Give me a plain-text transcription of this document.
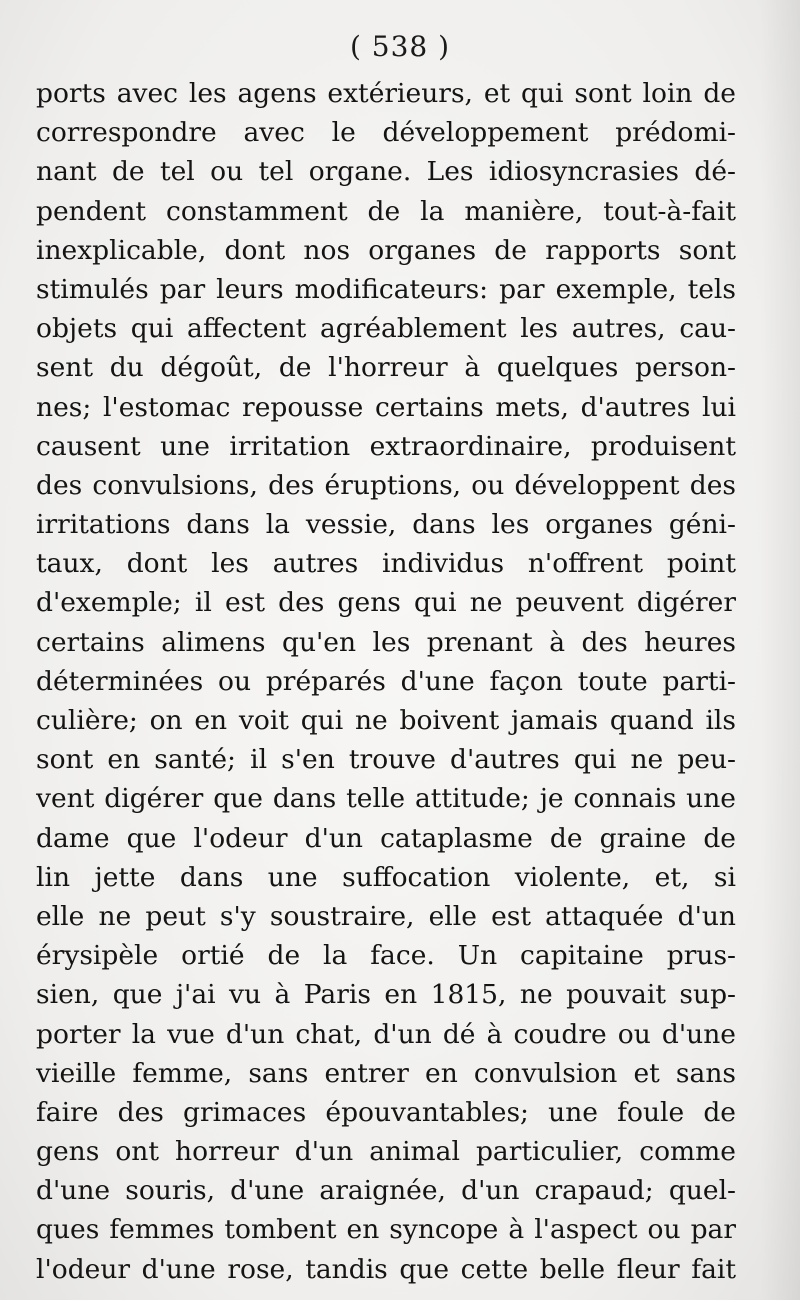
( 538 )
ports avec les agens extérieurs, et qui sont loin de
correspondre avec le développement prédomi-
nant de tel ou tel organe. Les idiosyncrasies dé-
pendent constamment de la manière, tout-à-fait
inexplicable, dont nos organes de rapports sont
stimulés par leurs modificateurs: par exemple, tels
objets qui affectent agréablement les autres, cau-
sent du dégoût, de l'horreur à quelques person-
nes; l'estomac repousse certains mets, d'autres lui
causent une irritation extraordinaire, produisent
des convulsions, des éruptions, ou développent des
irritations dans la vessie, dans les organes géni-
taux, dont les autres individus n'offrent point
d'exemple; il est des gens qui ne peuvent digérer
certains alimens qu'en les prenant à des heures
déterminées ou préparés d'une façon toute parti-
culière; on en voit qui ne boivent jamais quand ils
sont en santé; il s'en trouve d'autres qui ne peu-
vent digérer que dans telle attitude; je connais une
dame que l'odeur d'un cataplasme de graine de
lin jette dans une suffocation violente, et, si
elle ne peut s'y soustraire, elle est attaquée d'un
érysipèle ortié de la face. Un capitaine prus-
sien, que j'ai vu à Paris en 1815, ne pouvait sup-
porter la vue d'un chat, d'un dé à coudre ou d'une
vieille femme, sans entrer en convulsion et sans
faire des grimaces épouvantables; une foule de
gens ont horreur d'un animal particulier, comme
d'une souris, d'une araignée, d'un crapaud; quel-
ques femmes tombent en syncope à l'aspect ou par
l'odeur d'une rose, tandis que cette belle fleur fait
